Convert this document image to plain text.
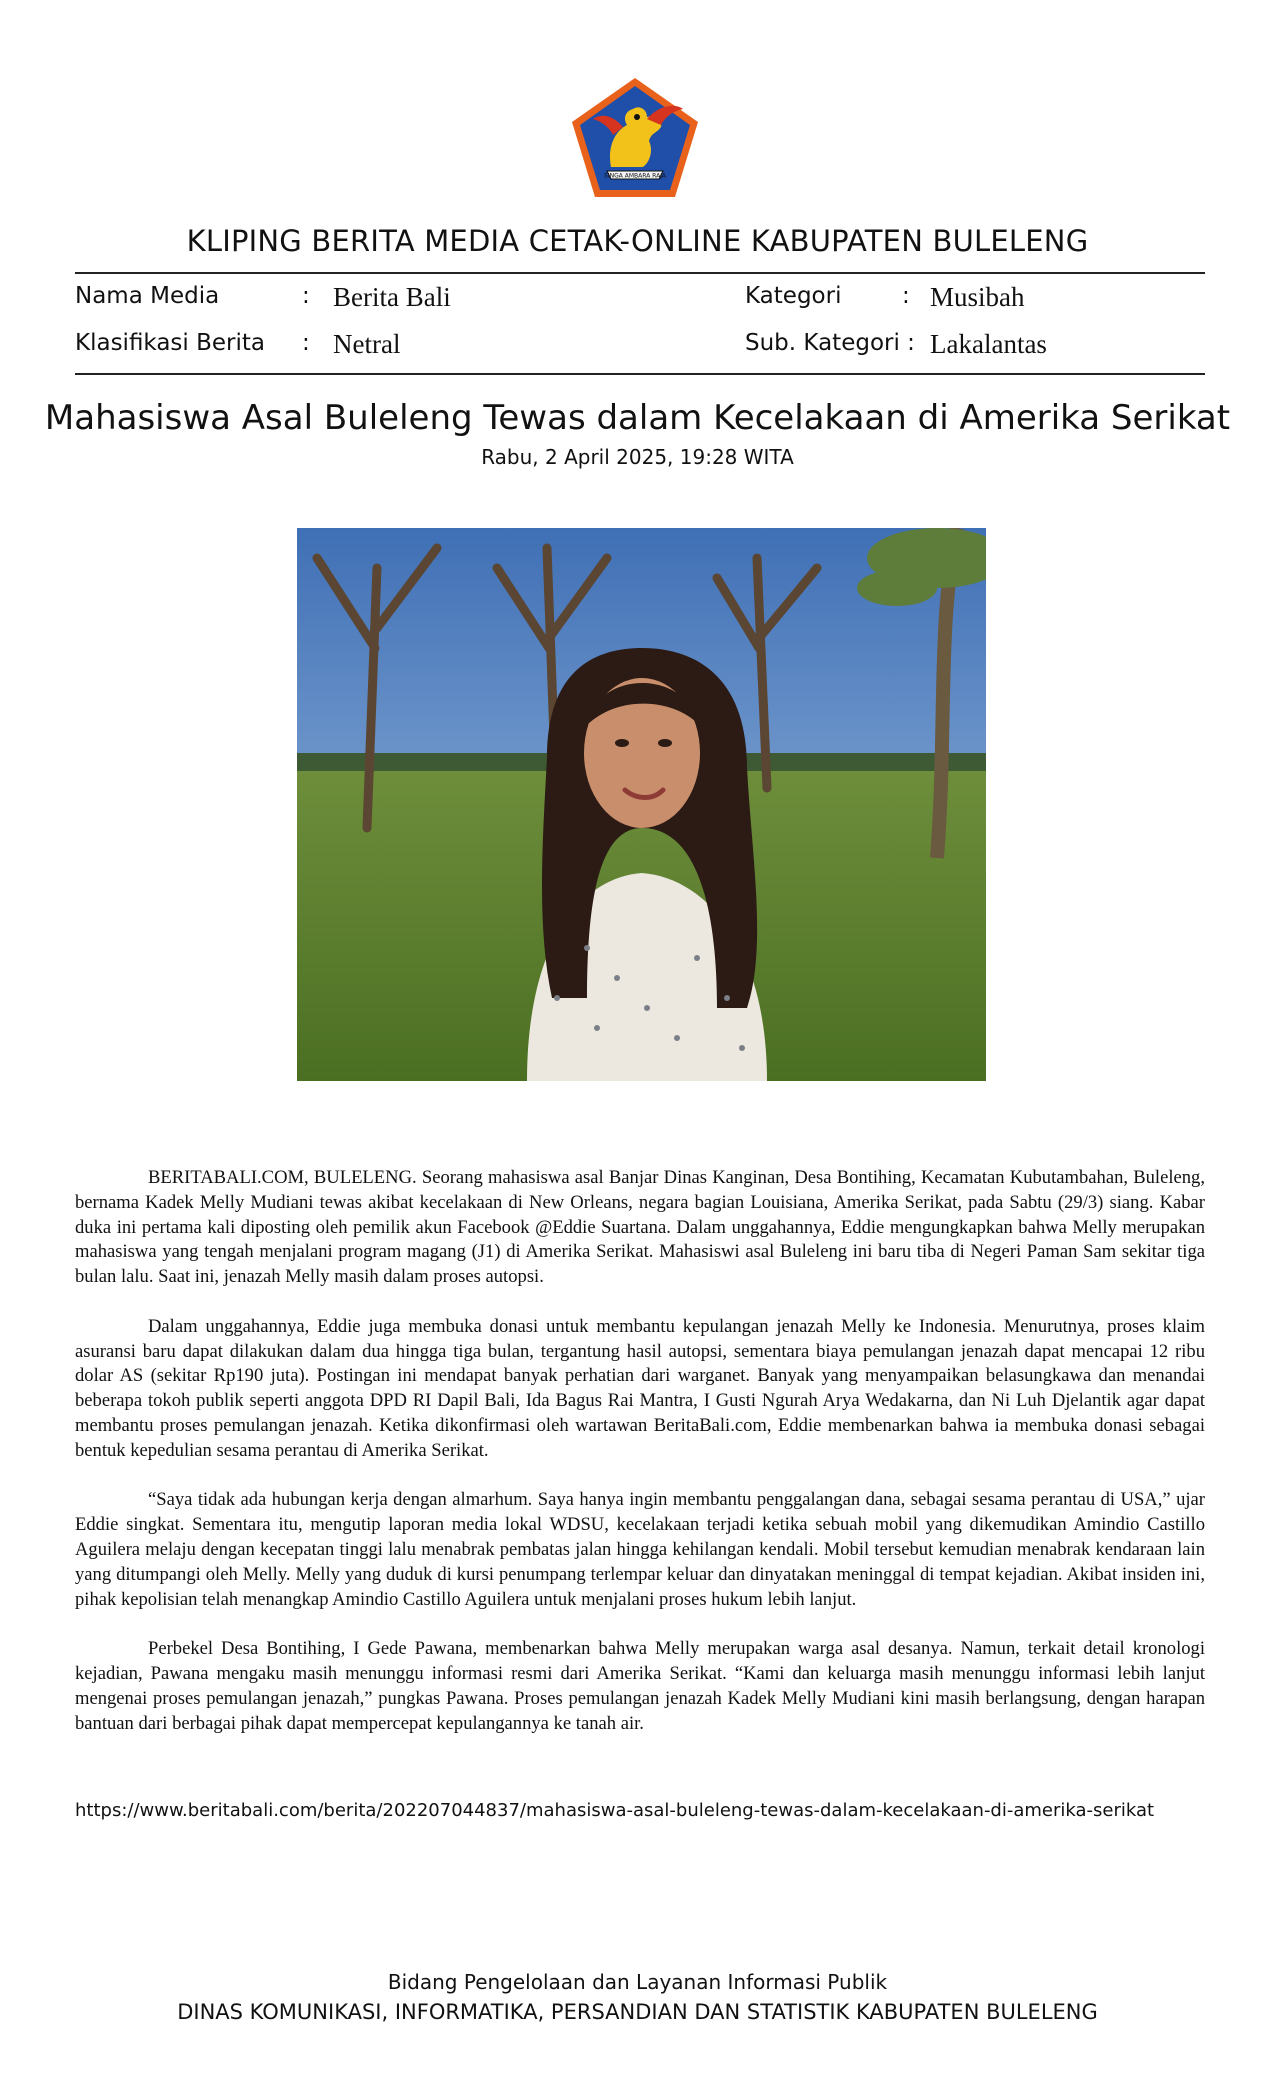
SINGA AMBARA RAJA
KLIPING BERITA MEDIA CETAK-ONLINE KABUPATEN BULELENG
Nama Media	: Berita Bali
Klasifikasi Berita : Netral
Kategori	: Musibah
Sub. Kategori : Lakalantas
Mahasiswa Asal Buleleng Tewas dalam Kecelakaan di Amerika Serikat
Rabu, 2 April 2025, 19:28 WITA

BERITABALI.COM, BULELENG. Seorang mahasiswa asal Banjar Dinas Kanginan, Desa Bontihing, Kecamatan Kubutambahan, Buleleng, bernama Kadek Melly Mudiani tewas akibat kecelakaan di New Orleans, negara bagian Louisiana, Amerika Serikat, pada Sabtu (29/3) siang. Kabar duka ini pertama kali diposting oleh pemilik akun Facebook @Eddie Suartana. Dalam unggahannya, Eddie mengungkapkan bahwa Melly merupakan mahasiswa yang tengah menjalani program magang (J1) di Amerika Serikat. Mahasiswi asal Buleleng ini baru tiba di Negeri Paman Sam sekitar tiga bulan lalu. Saat ini, jenazah Melly masih dalam proses autopsi.

Dalam unggahannya, Eddie juga membuka donasi untuk membantu kepulangan jenazah Melly ke Indonesia. Menurutnya, proses klaim asuransi baru dapat dilakukan dalam dua hingga tiga bulan, tergantung hasil autopsi, sementara biaya pemulangan jenazah dapat mencapai 12 ribu dolar AS (sekitar Rp190 juta). Postingan ini mendapat banyak perhatian dari warganet. Banyak yang menyampaikan belasungkawa dan menandai beberapa tokoh publik seperti anggota DPD RI Dapil Bali, Ida Bagus Rai Mantra, I Gusti Ngurah Arya Wedakarna, dan Ni Luh Djelantik agar dapat membantu proses pemulangan jenazah. Ketika dikonfirmasi oleh wartawan BeritaBali.com, Eddie membenarkan bahwa ia membuka donasi sebagai bentuk kepedulian sesama perantau di Amerika Serikat.

“Saya tidak ada hubungan kerja dengan almarhum. Saya hanya ingin membantu penggalangan dana, sebagai sesama perantau di USA,” ujar Eddie singkat. Sementara itu, mengutip laporan media lokal WDSU, kecelakaan terjadi ketika sebuah mobil yang dikemudikan Amindio Castillo Aguilera melaju dengan kecepatan tinggi lalu menabrak pembatas jalan hingga kehilangan kendali. Mobil tersebut kemudian menabrak kendaraan lain yang ditumpangi oleh Melly. Melly yang duduk di kursi penumpang terlempar keluar dan dinyatakan meninggal di tempat kejadian. Akibat insiden ini, pihak kepolisian telah menangkap Amindio Castillo Aguilera untuk menjalani proses hukum lebih lanjut.

Perbekel Desa Bontihing, I Gede Pawana, membenarkan bahwa Melly merupakan warga asal desanya. Namun, terkait detail kronologi kejadian, Pawana mengaku masih menunggu informasi resmi dari Amerika Serikat. “Kami dan keluarga masih menunggu informasi lebih lanjut mengenai proses pemulangan jenazah,” pungkas Pawana. Proses pemulangan jenazah Kadek Melly Mudiani kini masih berlangsung, dengan harapan bantuan dari berbagai pihak dapat mempercepat kepulangannya ke tanah air.

https://www.beritabali.com/berita/202207044837/mahasiswa-asal-buleleng-tewas-dalam-kecelakaan-di-amerika-serikat
Bidang Pengelolaan dan Layanan Informasi Publik
DINAS KOMUNIKASI, INFORMATIKA, PERSANDIAN DAN STATISTIK KABUPATEN BULELENG
